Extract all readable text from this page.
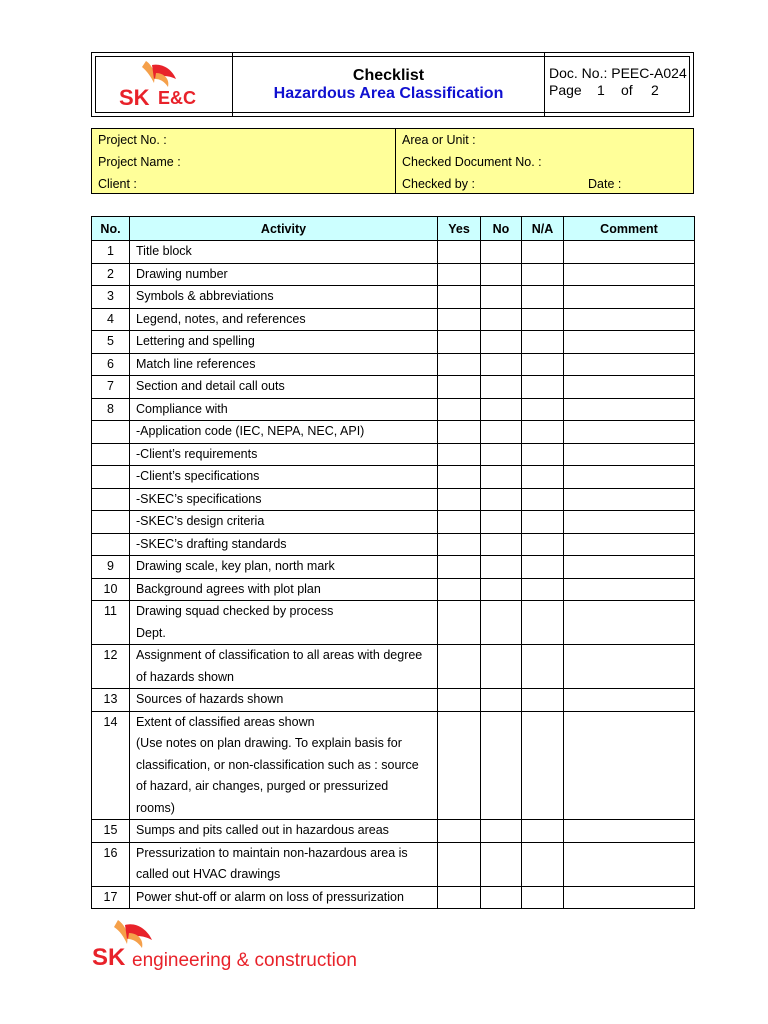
SK E&C
Checklist
Hazardous Area Classification
Doc. No.: PEEC-A024
Page	1	of	2
Project No. :
Project Name :
Client :
Area or Unit :
Checked Document No. :
Checked by :	Date :
No.	Activity	Yes	No	N/A	Comment
1	Title block				

2	Drawing number				

3	Symbols & abbreviations				

4	Legend, notes, and references				

5	Lettering and spelling				

6	Match line references				

7	Section and detail call outs				

8	Compliance with				

	-Application code (IEC, NEPA, NEC, API)				

	-Client’s requirements				

	-Client’s specifications				

	-SKEC’s specifications				

	-SKEC’s design criteria				

	-SKEC’s drafting standards				

9	Drawing scale, key plan, north mark				

10	Background agrees with plot plan				

11	Drawing squad checked by process
Dept.				

12	Assignment of classification to all areas with degree
of hazards shown				

13	Sources of hazards shown				

14	Extent of classified areas shown
(Use notes on plan drawing. To explain basis for
classification, or non-classification such as : source
of hazard, air changes, purged or pressurized
rooms)				

15	Sumps and pits called out in hazardous areas				

16	Pressurization to maintain non-hazardous area is
called out HVAC drawings				

17	Power shut-off or alarm on loss of pressurization				

SK engineering & construction
